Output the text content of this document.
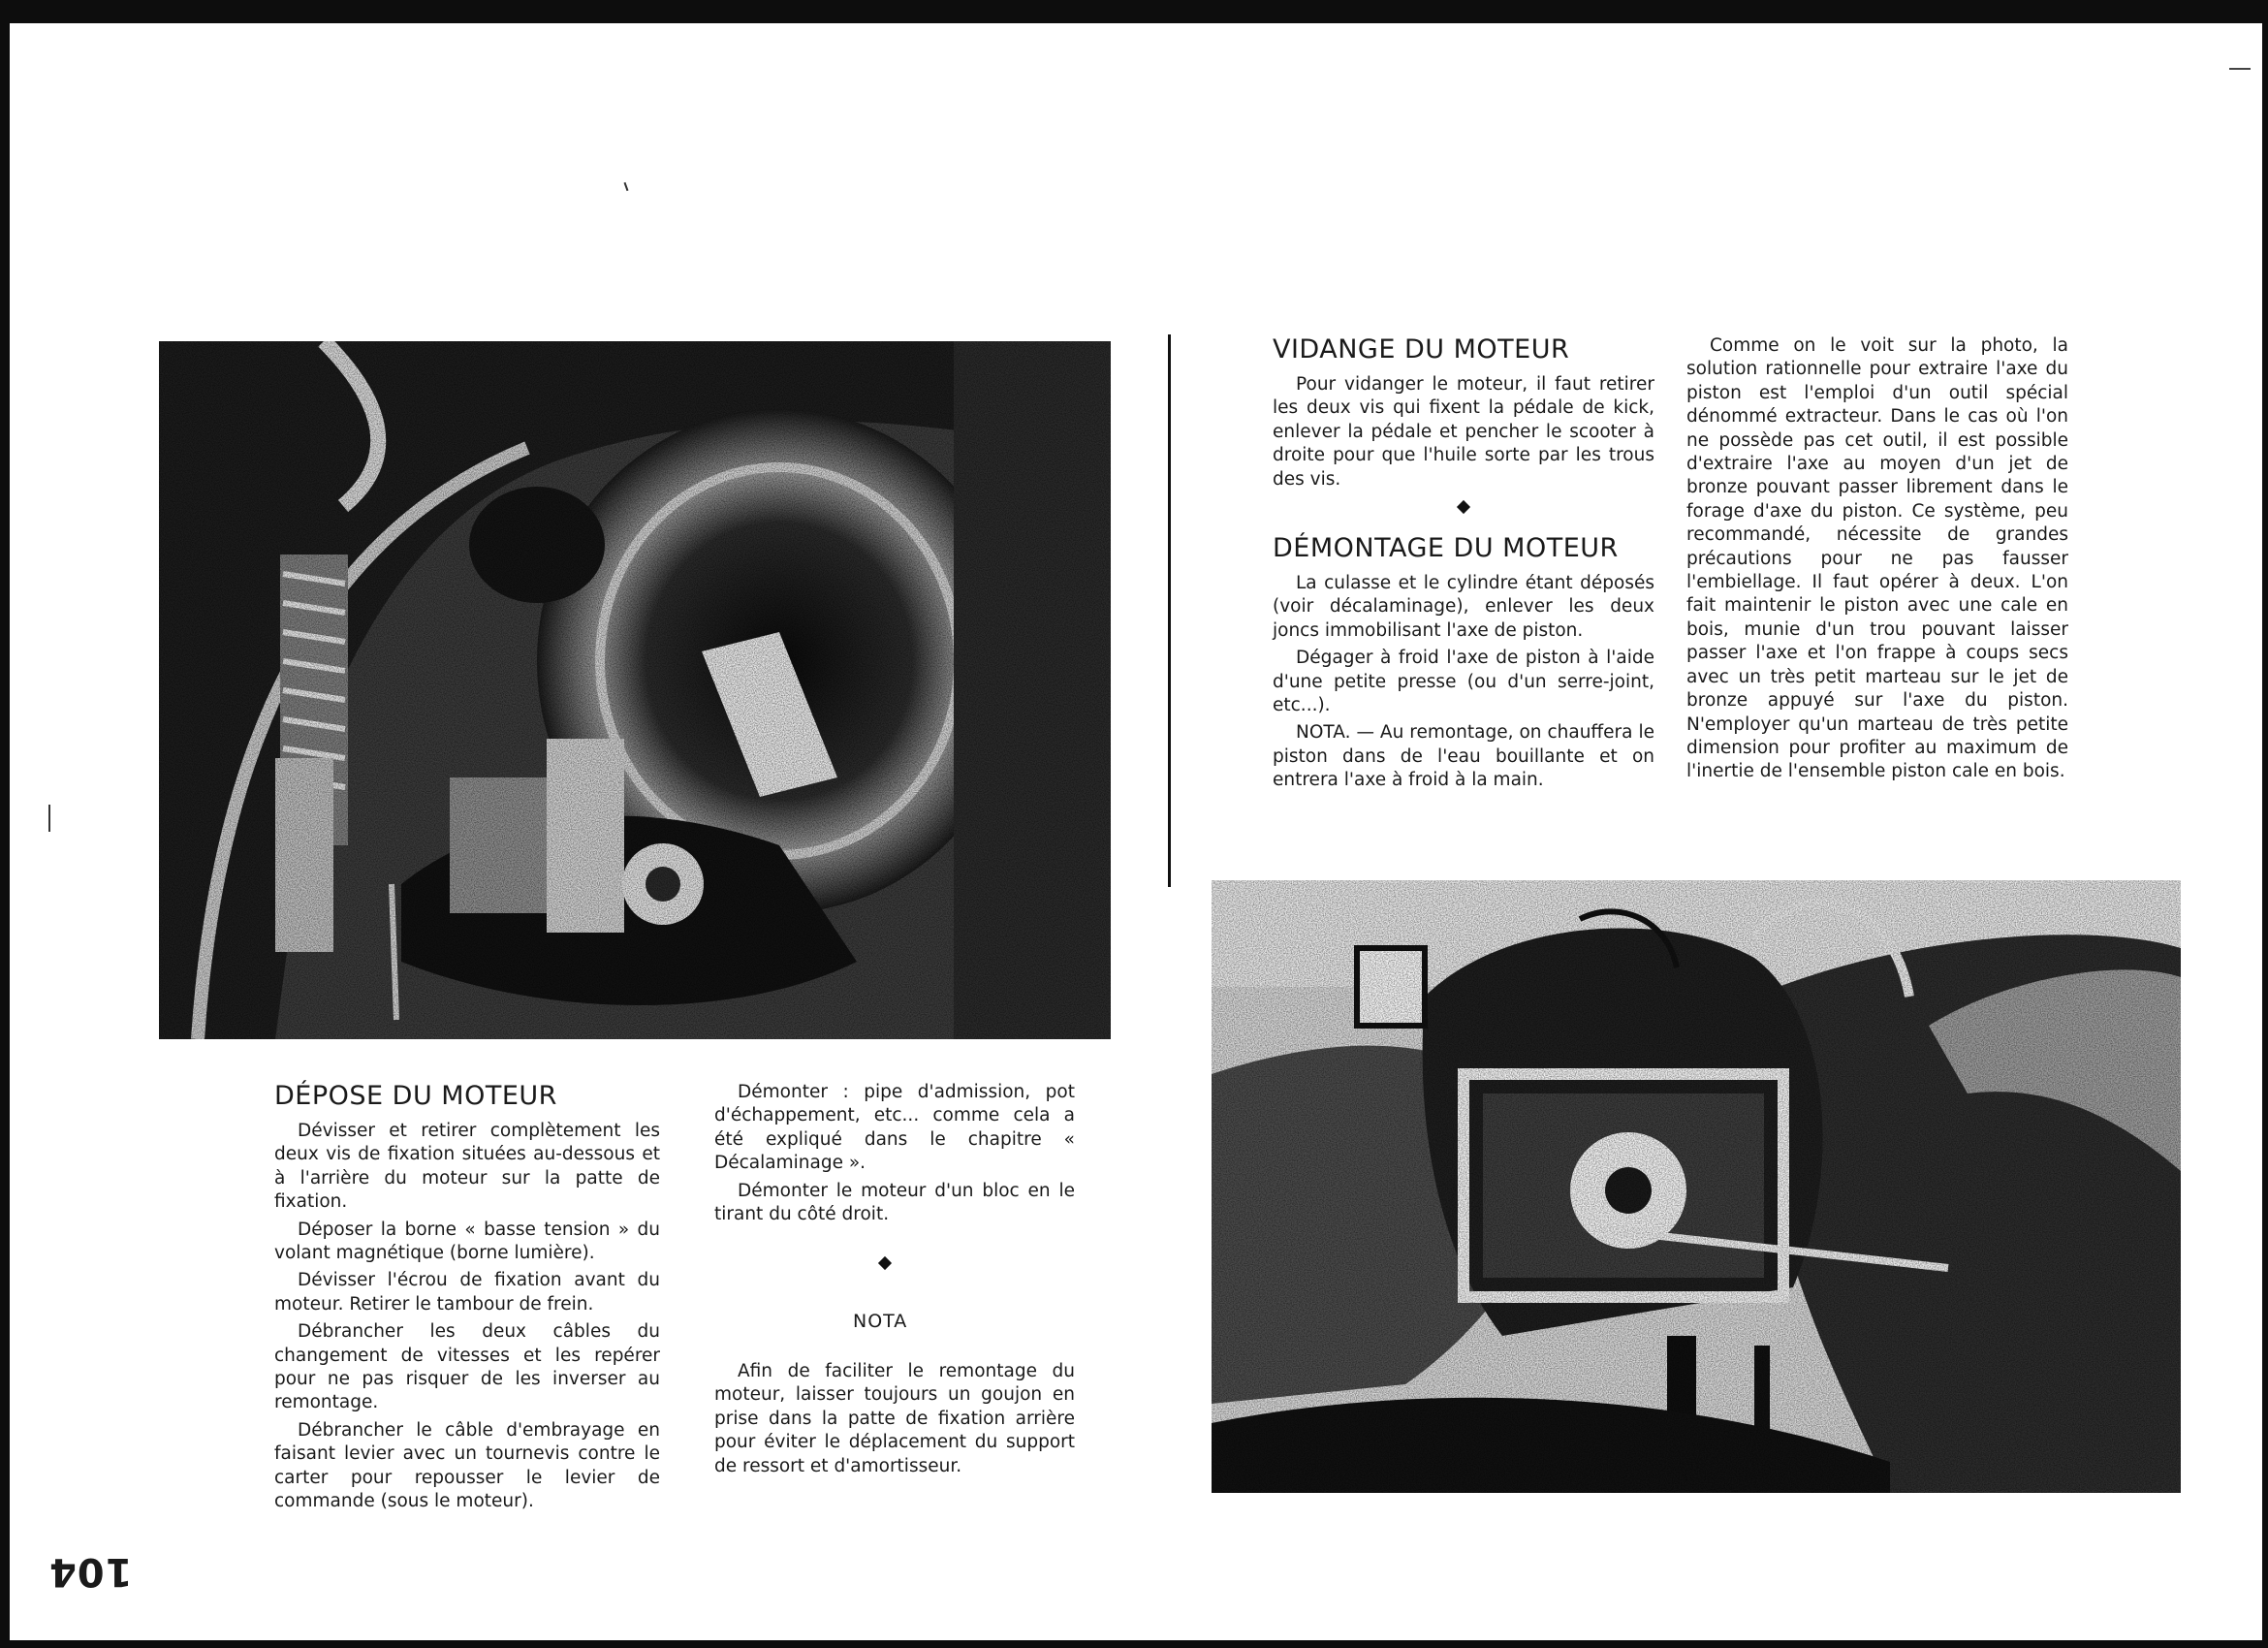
DÉPOSE DU MOTEUR

Dévisser et retirer complètement les deux vis de fixation situées au-dessous et à l'arrière du moteur sur la patte de fixation.

Déposer la borne « basse tension » du volant magnétique (borne lumière).

Dévisser l'écrou de fixation avant du moteur. Retirer le tambour de frein.

Débrancher les deux câbles du changement de vitesses et les repérer pour ne pas risquer de les inverser au remontage.

Débrancher le câble d'embrayage en faisant levier avec un tournevis contre le carter pour repousser le levier de commande (sous le moteur).

Démonter : pipe d'admission, pot d'échappement, etc... comme cela a été expliqué dans le chapitre « Décalaminage ».

Démonter le moteur d'un bloc en le tirant du côté droit.

NOTA

Afin de faciliter le remontage du moteur, laisser toujours un goujon en prise dans la patte de fixation arrière pour éviter le déplacement du support de ressort et d'amortisseur.

VIDANGE DU MOTEUR

Pour vidanger le moteur, il faut retirer les deux vis qui fixent la pédale de kick, enlever la pédale et pencher le scooter à droite pour que l'huile sorte par les trous des vis.

DÉMONTAGE DU MOTEUR

La culasse et le cylindre étant déposés (voir décalaminage), enlever les deux joncs immobilisant l'axe de piston.

Dégager à froid l'axe de piston à l'aide d'une petite presse (ou d'un serre-joint, etc...).

NOTA. — Au remontage, on chauffera le piston dans de l'eau bouillante et on entrera l'axe à froid à la main.

Comme on le voit sur la photo, la solution rationnelle pour extraire l'axe du piston est l'emploi d'un outil spécial dénommé extracteur. Dans le cas où l'on ne possède pas cet outil, il est possible d'extraire l'axe au moyen d'un jet de bronze pouvant passer librement dans le forage d'axe du piston. Ce système, peu recommandé, nécessite de grandes précautions pour ne pas fausser l'embiellage. Il faut opérer à deux. L'on fait maintenir le piston avec une cale en bois, munie d'un trou pouvant laisser passer l'axe et l'on frappe à coups secs avec un très petit marteau sur le jet de bronze appuyé sur l'axe du piston. N'employer qu'un marteau de très petite dimension pour profiter au maximum de l'inertie de l'ensemble piston cale en bois.

104
